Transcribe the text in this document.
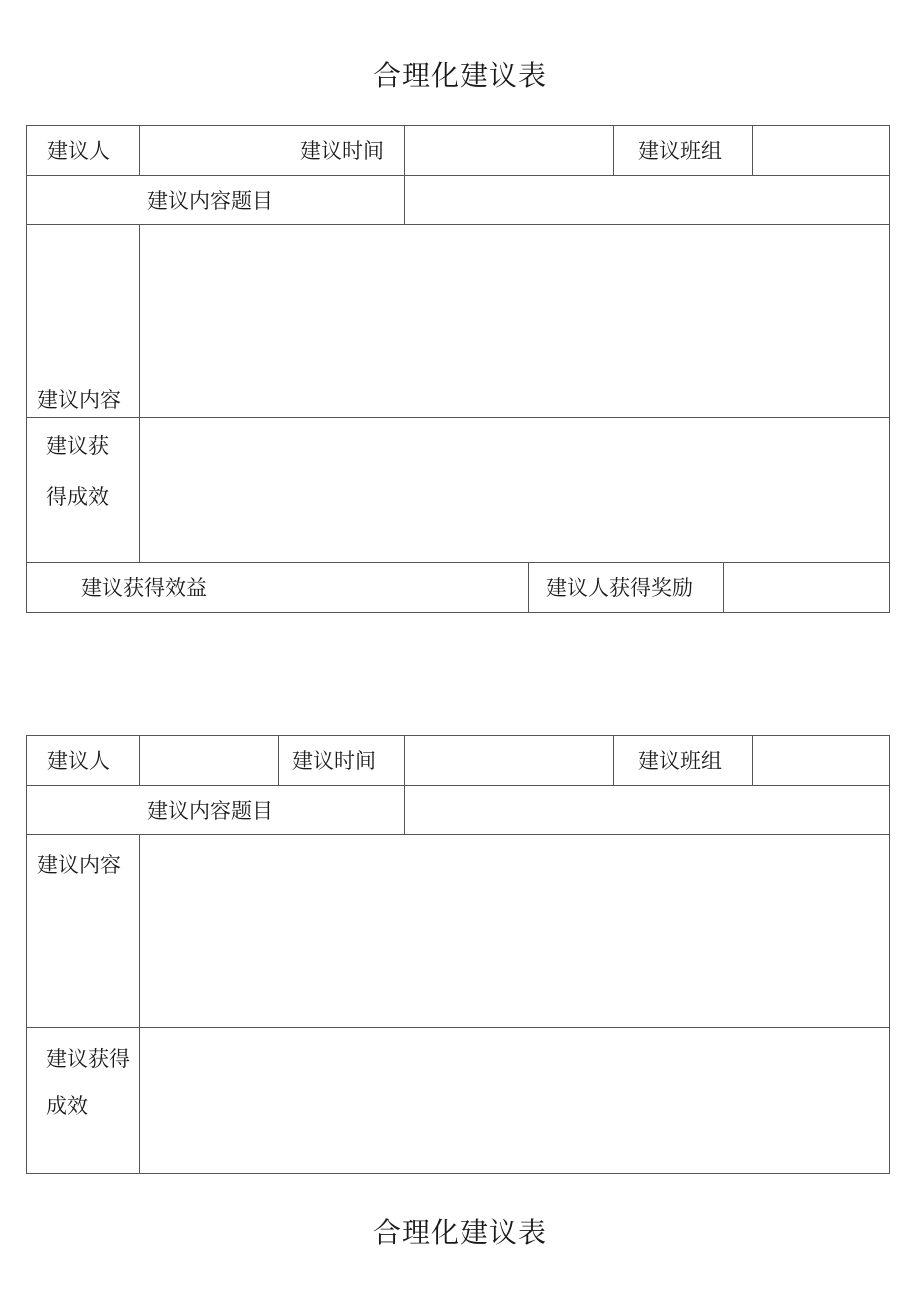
合理化建议表
建议人	建议时间	建议班组
建议内容题目
建议内容
建议获
得成效
建议获得效益	建议人获得奖励
建议人	建议时间	建议班组
建议内容题目
建议内容
建议获得
成效
合理化建议表
